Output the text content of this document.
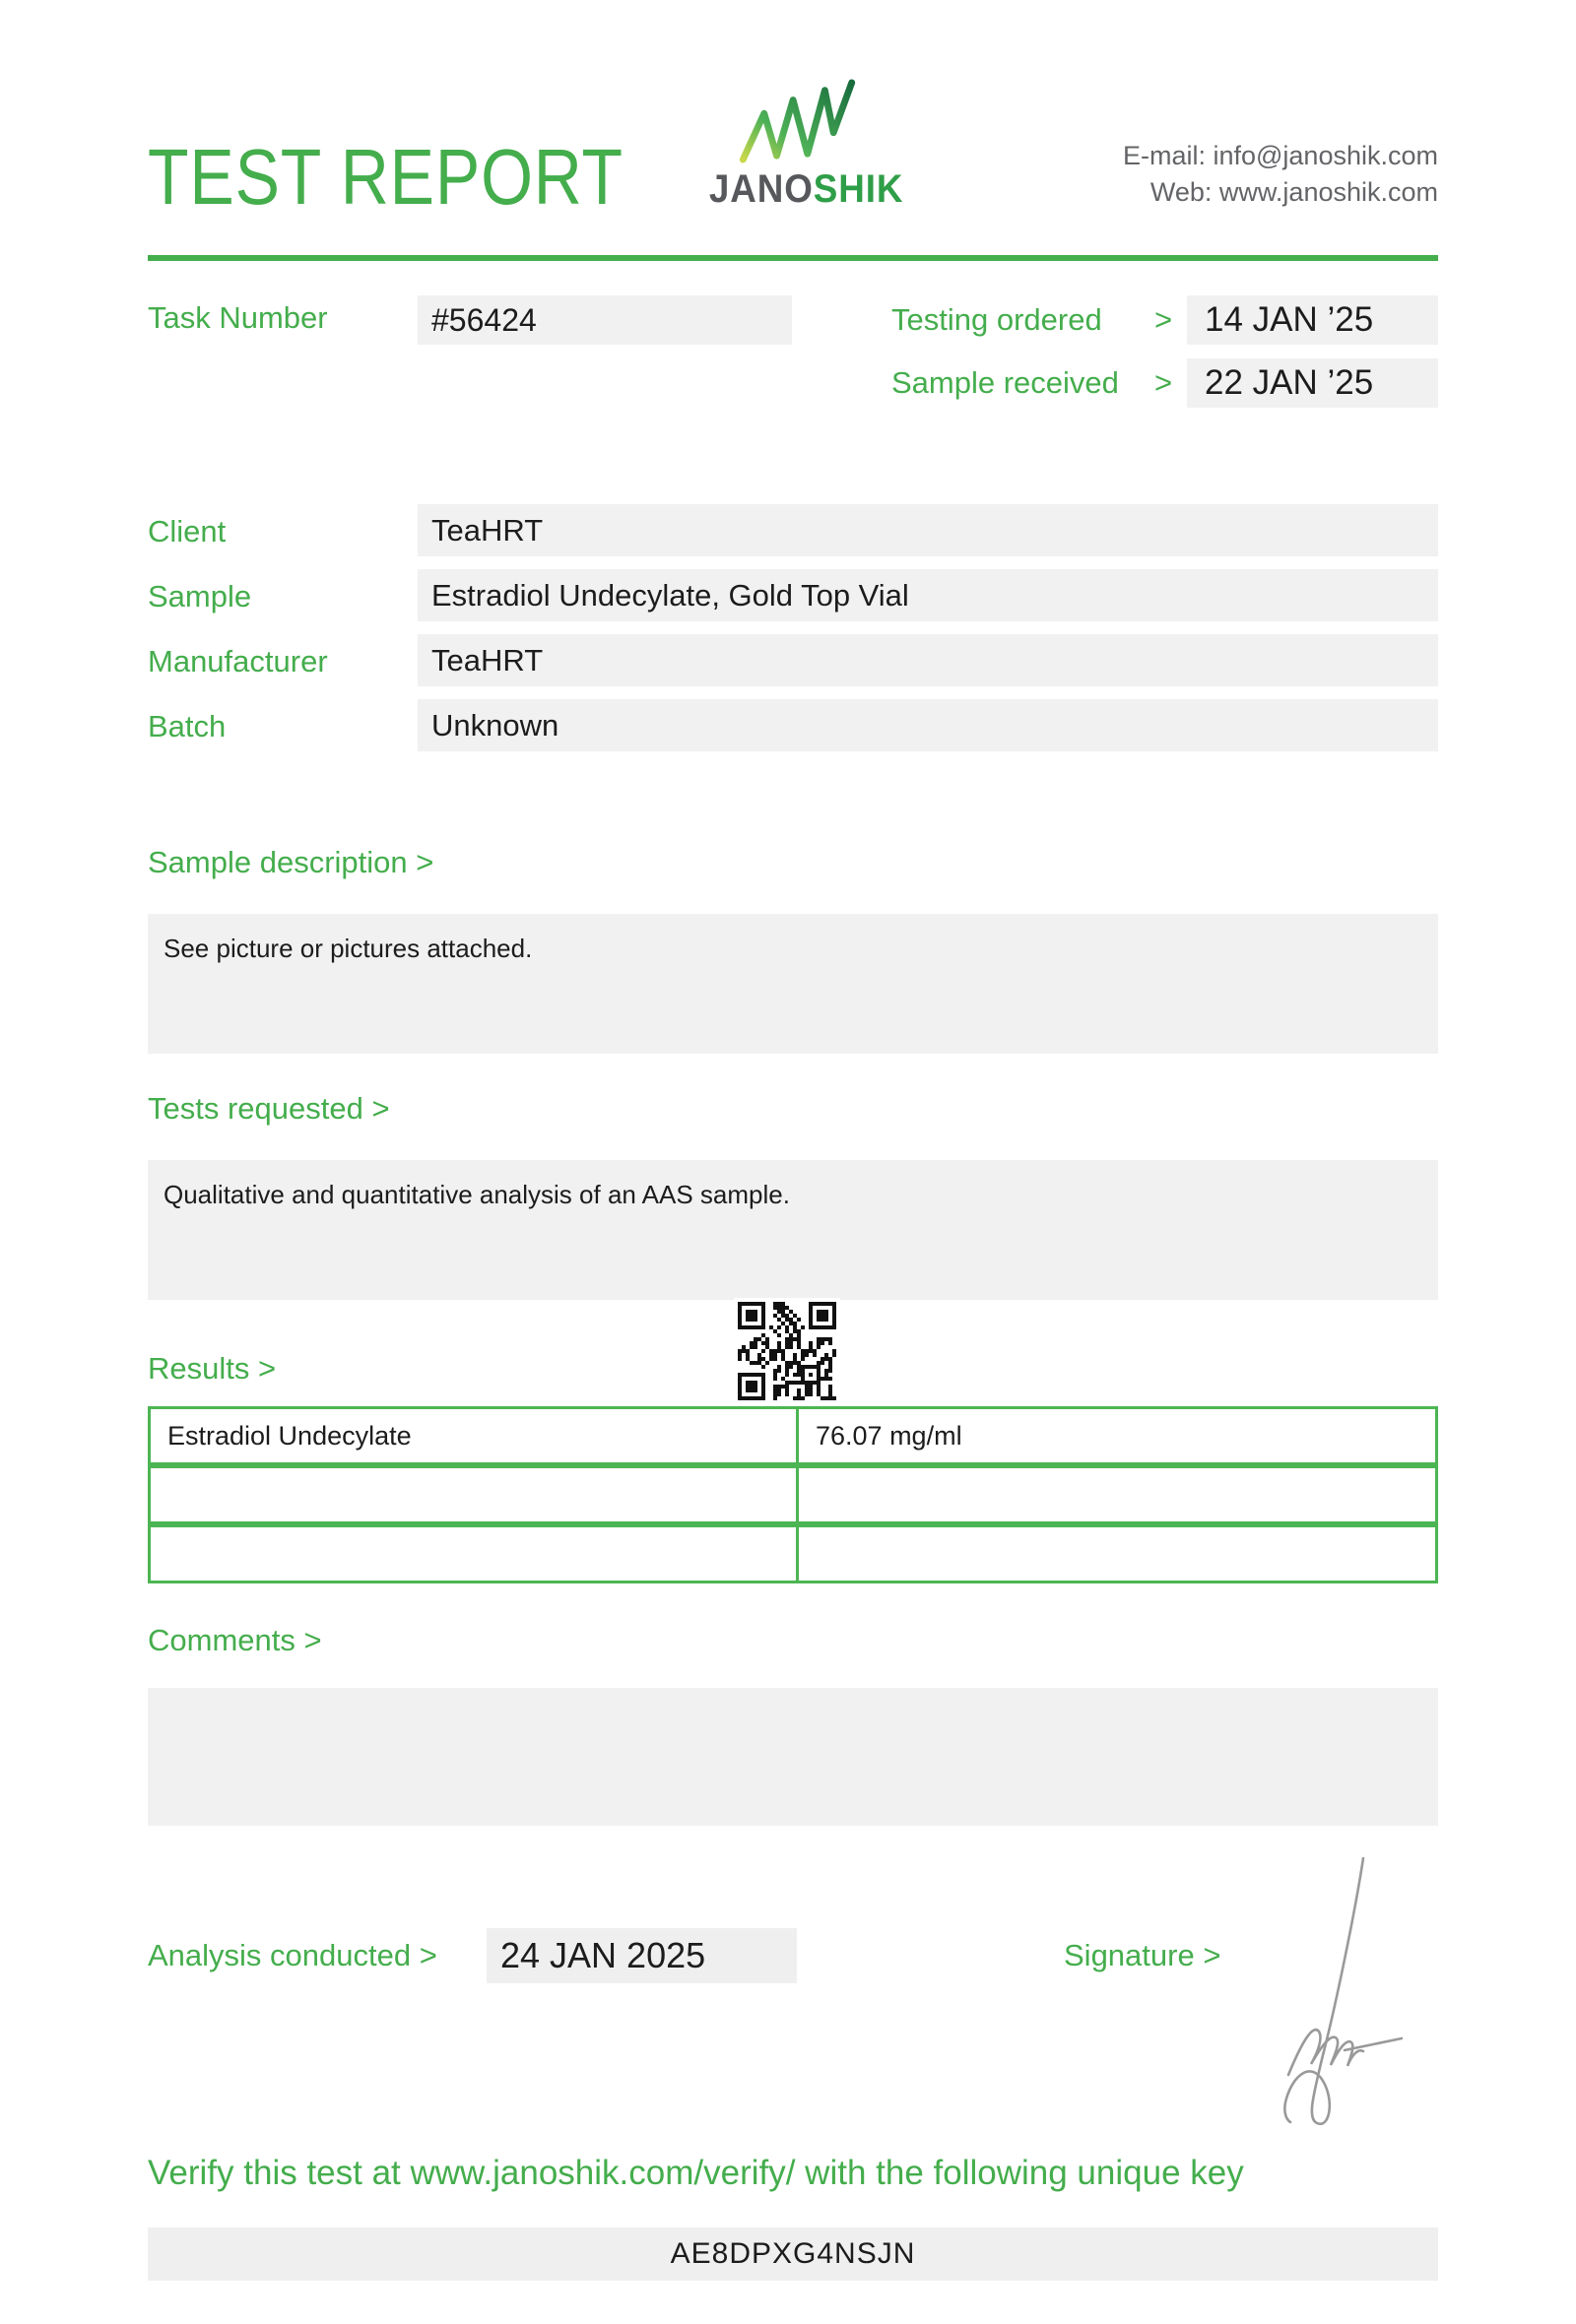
TEST REPORT JANOSHIK
E-mail: info@janoshik.com
Web: www.janoshik.com
Task Number	#56424	Testing ordered > 14 JAN ’25
Sample received > 22 JAN ’25
Client	TeaHRT
Sample	Estradiol Undecylate, Gold Top Vial
Manufacturer	TeaHRT
Batch	Unknown
Sample description >
See picture or pictures attached.
Tests requested >
Qualitative and quantitative analysis of an AAS sample.
Results >
Estradiol Undecylate	76.07 mg/ml
Comments >
Analysis conducted >	24 JAN 2025	Signature >
Verify this test at www.janoshik.com/verify/ with the following unique key
AE8DPXG4NSJN
